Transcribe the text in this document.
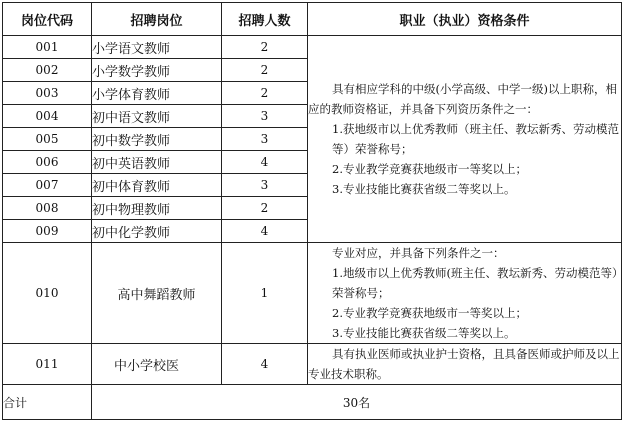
岗位代码	招聘岗位	招聘人数	职业（执业）资格条件
001	小学语文教师	2	具有相应学科的中级(小学高级、中学一级)以上职称，相应的教师资格证，并具备下列资历条件之一：

1.获地级市以上优秀教师（班主任、教坛新秀、劳动模范等）荣誉称号；

2.专业教学竞赛获地级市一等奖以上；

3.专业技能比赛获省级二等奖以上。

002	小学数学教师	2	
003	小学体育教师	2	
004	初中语文教师	3	
005	初中数学教师	3	
006	初中英语教师	4	
007	初中体育教师	3	
008	初中物理教师	2	
009	初中化学教师	4	
010	高中舞蹈教师	1	专业对应，并具备下列条件之一：

1.地级市以上优秀教师(班主任、教坛新秀、劳动模范等）荣誉称号；

2.专业教学竞赛获地级市一等奖以上；

3.专业技能比赛获省级二等奖以上。

011	中小学校医	4	具有执业医师或执业护士资格，且具备医师或护师及以上专业技术职称。

合计	30名		
